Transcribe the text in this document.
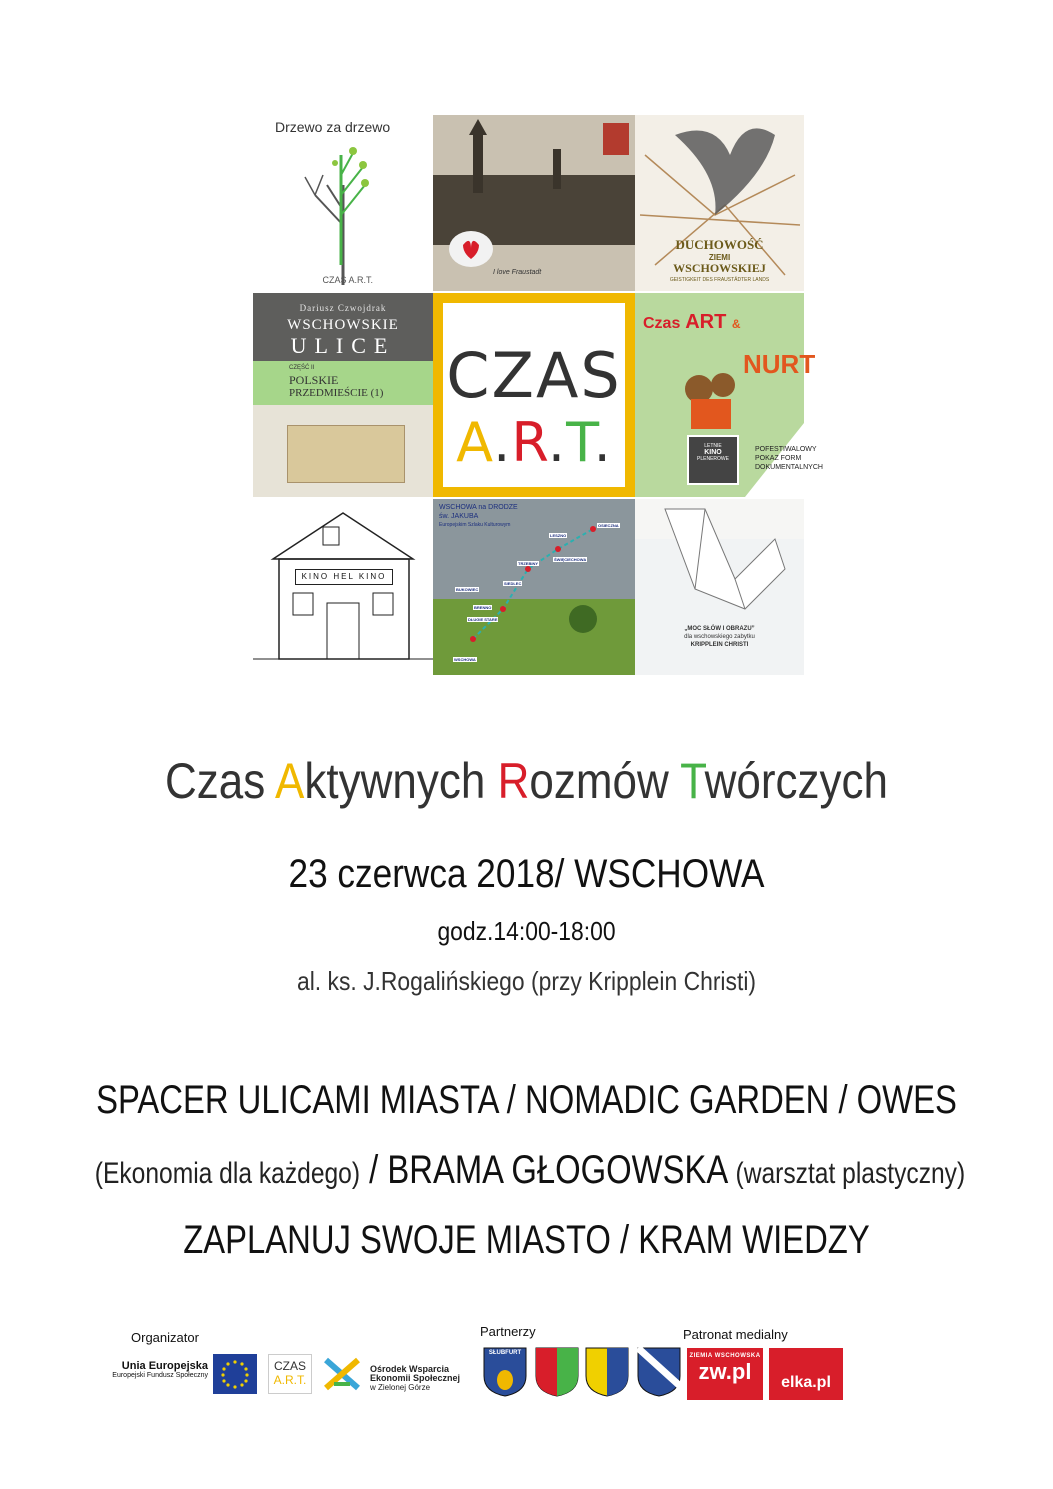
Drzewo za drzewo
CZAS A.R.T.
I love Fraustadt
DUCHOWOŚĆ
ZIEMI
WSCHOWSKIEJ
GEISTIGKEIT DES FRAUSTÄDTER LANDS
Dariusz Czwojdrak
WSCHOWSKIE
ULICE
CZĘŚĆ II
POLSKIE
PRZEDMIEŚCIE (1) CZAS
A.R.T.
Czas ART &
NURT
LETNIE
KINO
PLENEROWE
POFESTIWALOWY
POKAZ FORM
DOKUMENTALNYCH
KINO HEL KINO
WSCHOWA na DRODZE
św. JAKUBA
Europejskim Szlaku Kulturowym	OSIECZNA
LESZNO
ŚWIĘCIECHOWA
TRZEBINY
SIEDLEC
BUKOWIEC
BRENNO
DŁUGIE STARE
WSCHOWA
„MOC SŁÓW I OBRAZU”
dla wschowskiego zabytku
KRIPPLEIN CHRISTI
Czas Aktywnych Rozmów Twórczych
23 czerwca 2018/ WSCHOWA
godz.14:00-18:00
al. ks. J.Rogalińskiego (przy Kripplein Christi)
SPACER ULICAMI MIASTA / NOMADIC GARDEN / OWES
(Ekonomia dla każdego) / BRAMA GŁOGOWSKA (warsztat plastyczny)
ZAPLANUJ SWOJE MIASTO / KRAM WIEDZY
Organizator	Partnerzy	Patronat medialny
Unia Europejska
Europejski Fundusz Społeczny
CZAS
A.R.T.
Ośrodek Wsparcia
Ekonomii Społecznej
w Zielonej Górze
SŁUBFURT	ZIEMIA WSCHOWSKA
zw.pl	elka.pl
